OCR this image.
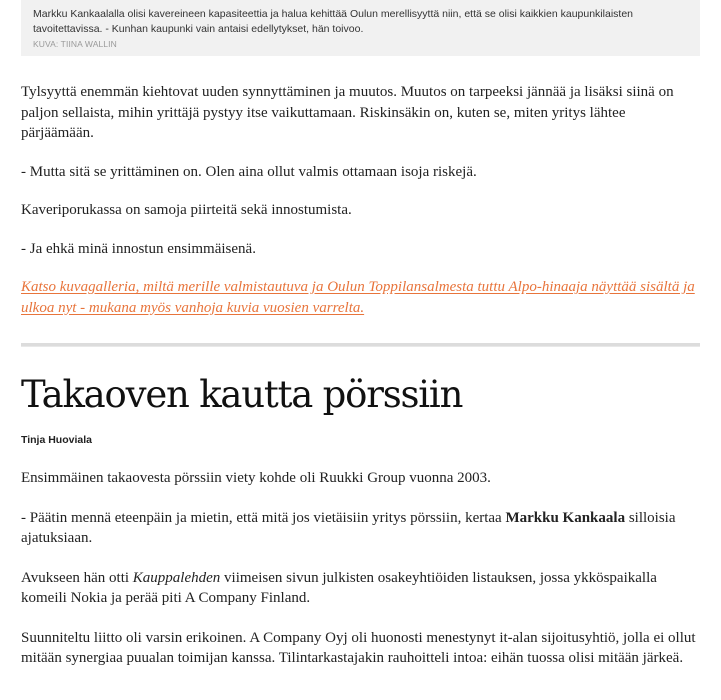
Markku Kankaalalla olisi kavereineen kapasiteettia ja halua kehittää Oulun merellisyyttä niin, että se olisi kaikkien kaupunkilaisten tavoitettavissa. - Kunhan kaupunki vain antaisi edellytykset, hän toivoo.

KUVA: TIINA WALLIN

Tylsyyttä enemmän kiehtovat uuden synnyttäminen ja muutos. Muutos on tarpeeksi jännää ja lisäksi siinä on paljon sellaista, mihin yrittäjä pystyy itse vaikuttamaan. Riskinsäkin on, kuten se, miten yritys lähtee pärjäämään.

- Mutta sitä se yrittäminen on. Olen aina ollut valmis ottamaan isoja riskejä.

Kaveriporukassa on samoja piirteitä sekä innostumista.

- Ja ehkä minä innostun ensimmäisenä.

Katso kuvagalleria, miltä merille valmistautuva ja Oulun Toppilansalmesta tuttu Alpo-hinaaja näyttää sisältä ja ulkoa nyt - mukana myös vanhoja kuvia vuosien varrelta.

Takaoven kautta pörssiin
Tinja Huoviala

Ensimmäinen takaovesta pörssiin viety kohde oli Ruukki Group vuonna 2003.

- Päätin mennä eteenpäin ja mietin, että mitä jos vietäisiin yritys pörssiin, kertaa Markku Kankaala silloisia ajatuksiaan.

Avukseen hän otti Kauppalehden viimeisen sivun julkisten osakeyhtiöiden listauksen, jossa ykköspaikalla komeili Nokia ja perää piti A Company Finland.

Suunniteltu liitto oli varsin erikoinen. A Company Oyj oli huonosti menestynyt it-alan sijoitusyhtiö, jolla ei ollut mitään synergiaa puualan toimijan kanssa. Tilintarkastajakin rauhoitteli intoa: eihän tuossa olisi mitään järkeä.
